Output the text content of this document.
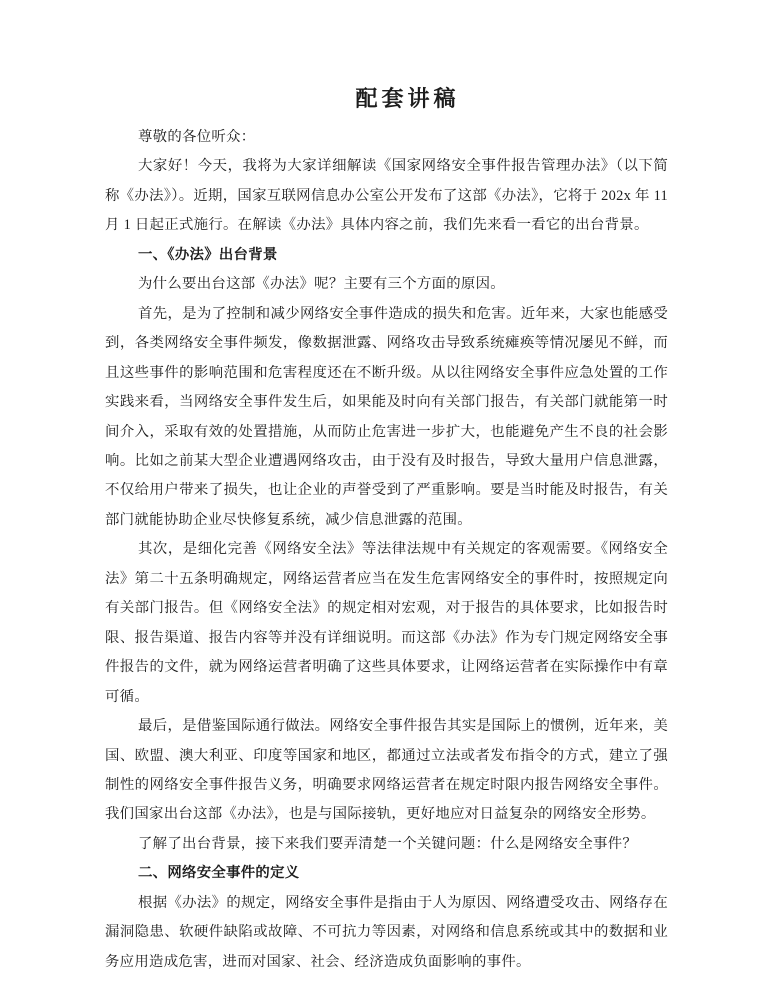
配套讲稿

尊敬的各位听众：

大家好！今天，我将为大家详细解读《国家网络安全事件报告管理办法》（以下简称《办法》）。近期，国家互联网信息办公室公开发布了这部《办法》，它将于 202x 年 11 月 1 日起正式施行。在解读《办法》具体内容之前，我们先来看一看它的出台背景。

一、《办法》出台背景

为什么要出台这部《办法》呢？主要有三个方面的原因。

首先，是为了控制和减少网络安全事件造成的损失和危害。近年来，大家也能感受到，各类网络安全事件频发，像数据泄露、网络攻击导致系统瘫痪等情况屡见不鲜，而且这些事件的影响范围和危害程度还在不断升级。从以往网络安全事件应急处置的工作实践来看，当网络安全事件发生后，如果能及时向有关部门报告，有关部门就能第一时间介入，采取有效的处置措施，从而防止危害进一步扩大，也能避免产生不良的社会影响。比如之前某大型企业遭遇网络攻击，由于没有及时报告，导致大量用户信息泄露，不仅给用户带来了损失，也让企业的声誉受到了严重影响。要是当时能及时报告，有关部门就能协助企业尽快修复系统，减少信息泄露的范围。

其次，是细化完善《网络安全法》等法律法规中有关规定的客观需要。《网络安全法》第二十五条明确规定，网络运营者应当在发生危害网络安全的事件时，按照规定向有关部门报告。但《网络安全法》的规定相对宏观，对于报告的具体要求，比如报告时限、报告渠道、报告内容等并没有详细说明。而这部《办法》作为专门规定网络安全事件报告的文件，就为网络运营者明确了这些具体要求，让网络运营者在实际操作中有章可循。

最后，是借鉴国际通行做法。网络安全事件报告其实是国际上的惯例，近年来，美国、欧盟、澳大利亚、印度等国家和地区，都通过立法或者发布指令的方式，建立了强制性的网络安全事件报告义务，明确要求网络运营者在规定时限内报告网络安全事件。我们国家出台这部《办法》，也是与国际接轨，更好地应对日益复杂的网络安全形势。

了解了出台背景，接下来我们要弄清楚一个关键问题：什么是网络安全事件？

二、网络安全事件的定义

根据《办法》的规定，网络安全事件是指由于人为原因、网络遭受攻击、网络存在漏洞隐患、软硬件缺陷或故障、不可抗力等因素，对网络和信息系统或其中的数据和业务应用造成危害，进而对国家、社会、经济造成负面影响的事件。
